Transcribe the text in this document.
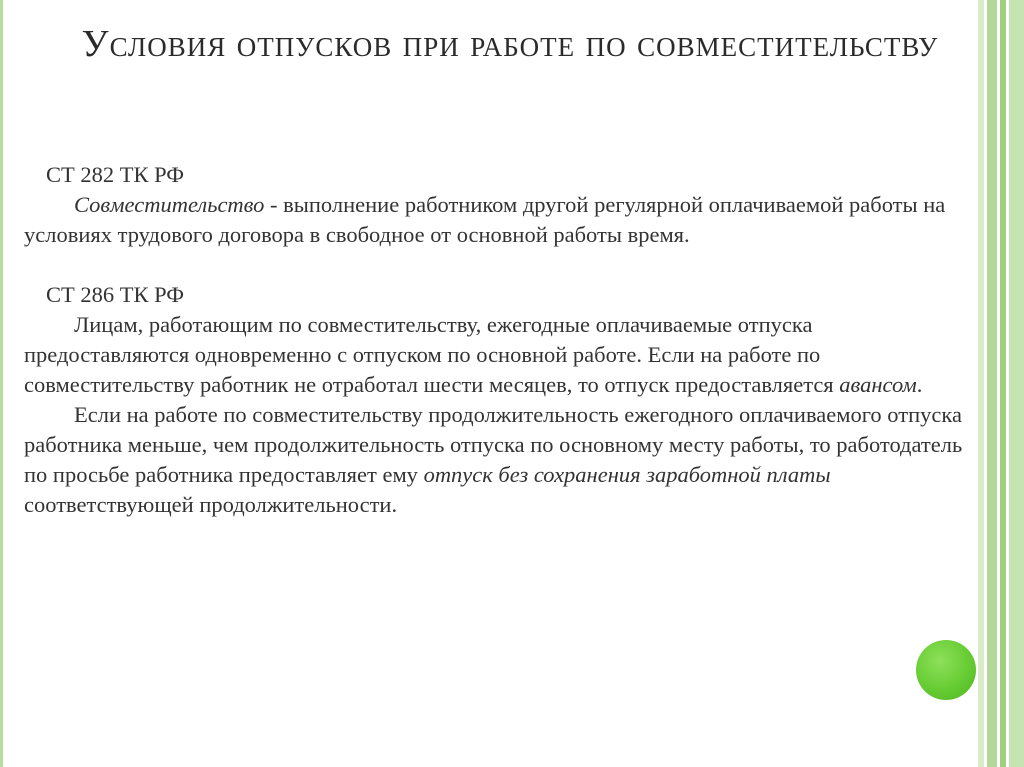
Условия отпусков при работе по совместительству

СТ 282 ТК РФ

Совместительство - выполнение работником другой регулярной оплачиваемой работы на условиях трудового договора в свободное от основной работы время.

СТ 286 ТК РФ

Лицам, работающим по совместительству, ежегодные оплачиваемые отпуска предоставляются одновременно с отпуском по основной работе. Если на работе по совместительству работник не отработал шести месяцев, то отпуск предоставляется авансом.

Если на работе по совместительству продолжительность ежегодного оплачиваемого отпуска работника меньше, чем продолжительность отпуска по основному месту работы, то работодатель по просьбе работника предоставляет ему отпуск без сохранения заработной платы соответствующей продолжительности.
